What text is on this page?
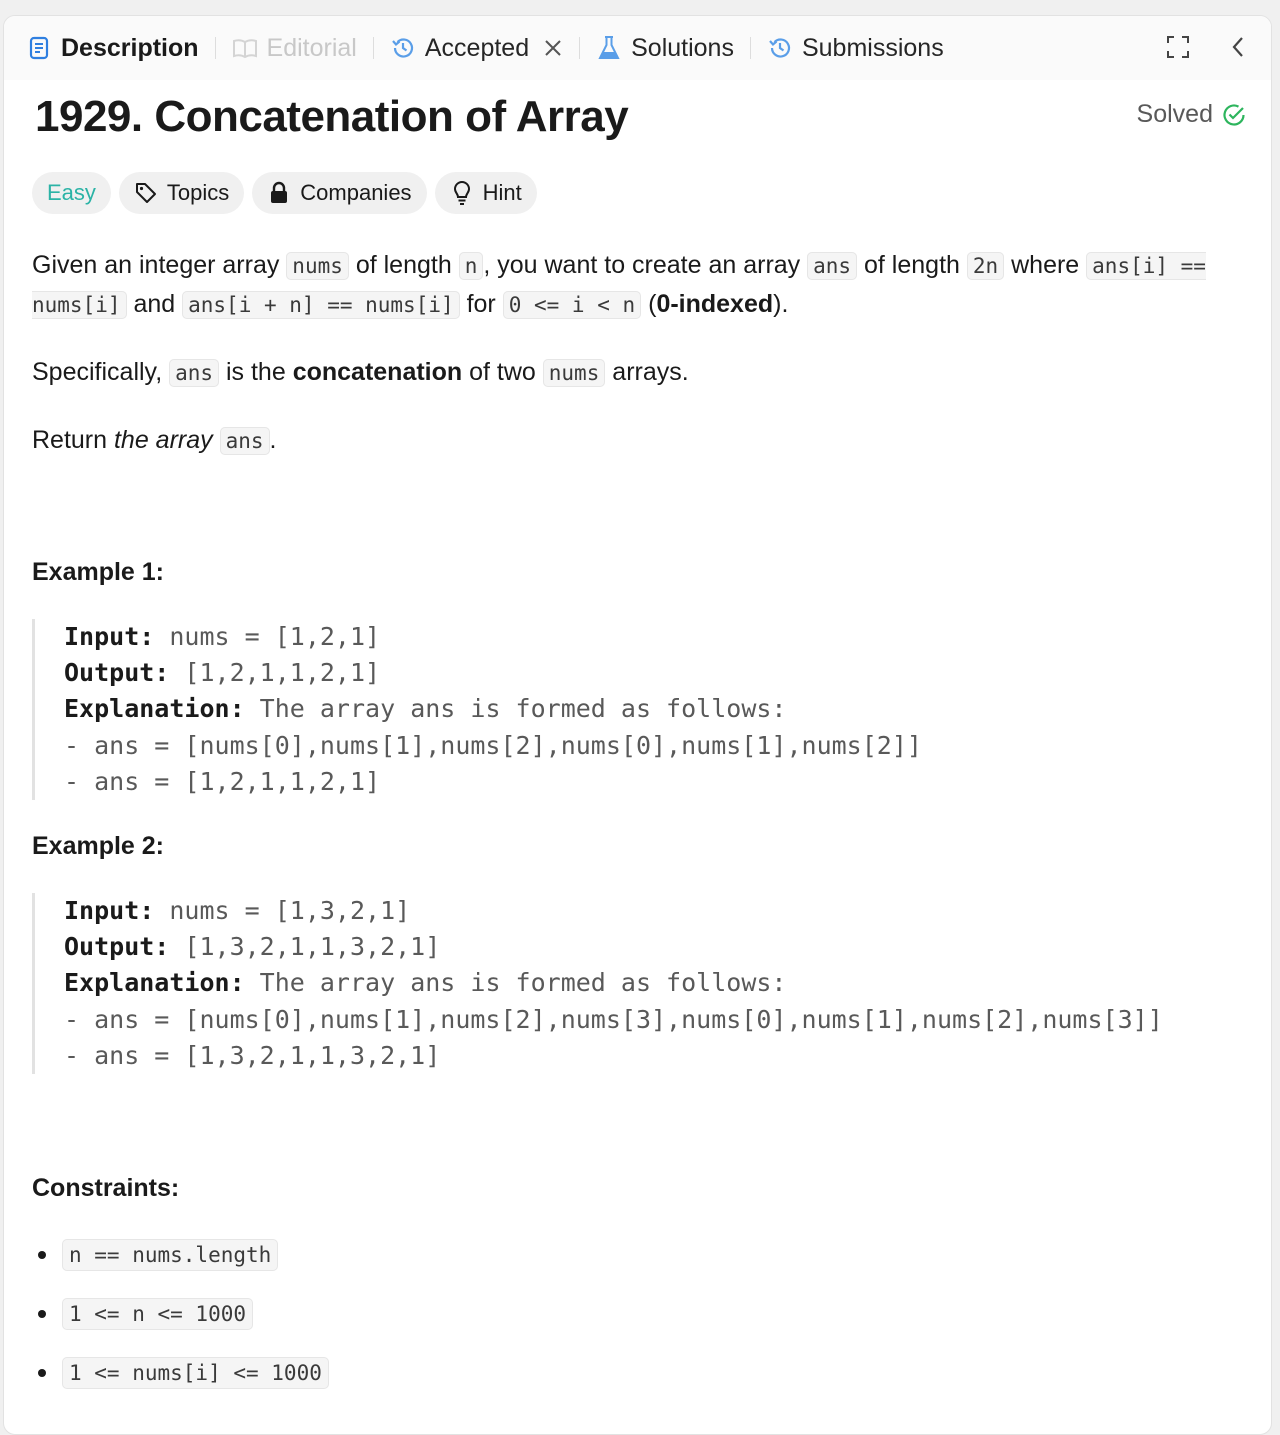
Description	Editorial	Accepted	Solutions	Submissions
1929. Concatenation of Array	Solved
Easy	Topics	Companies	Hint
Given an integer array nums of length n , you want to create an array ans of length 2n where ans[i] == nums[i] and ans[i + n] == nums[i] for 0 <= i < n (0-indexed).
Specifically, ans is the concatenation of two nums arrays.
Return the array ans .
Example 1:
Input: nums = [1,2,1]
Output: [1,2,1,1,2,1]
Explanation: The array ans is formed as follows:
- ans = [nums[0],nums[1],nums[2],nums[0],nums[1],nums[2]]
- ans = [1,2,1,1,2,1]
Example 2:
Input: nums = [1,3,2,1]
Output: [1,3,2,1,1,3,2,1]
Explanation: The array ans is formed as follows:
- ans = [nums[0],nums[1],nums[2],nums[3],nums[0],nums[1],nums[2],nums[3]]
- ans = [1,3,2,1,1,3,2,1]
Constraints:
n == nums.length
1 <= n <= 1000
1 <= nums[i] <= 1000
